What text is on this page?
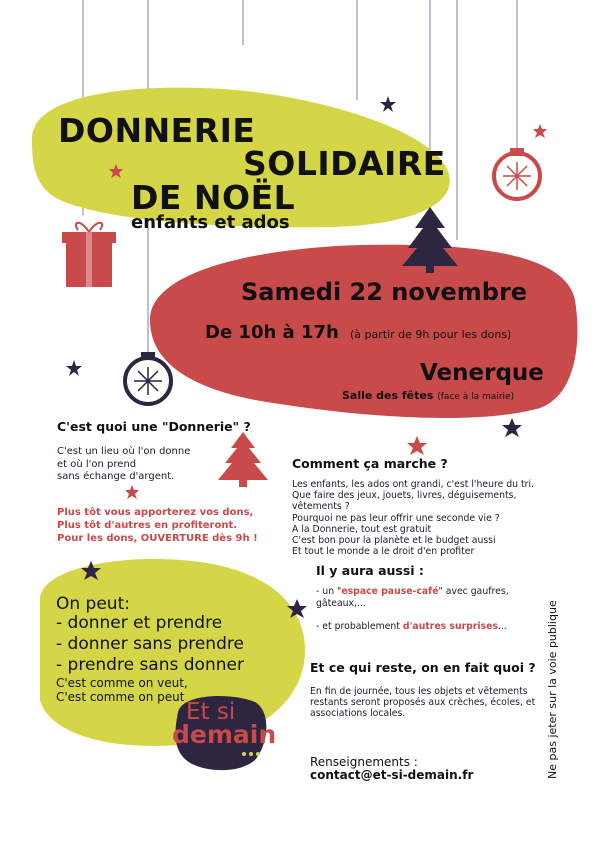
DONNERIE
SOLIDAIRE
DE NOËL
enfants et ados
Samedi 22 novembre
De 10h à 17h (à partir de 9h pour les dons)
Venerque
Salle des fêtes (face à la mairie)
C'est quoi une "Donnerie" ?
C'est un lieu où l'on donne
et où l'on prend
sans échange d'argent.
Plus tôt vous apporterez vos dons,
Plus tôt d'autres en profiteront.
Pour les dons, OUVERTURE dès 9h !
Comment ça marche ?
Les enfants, les ados ont grandi, c'est l'heure du tri.
Que faire des jeux, jouets, livres, déguisements,
vêtements ?
Pourquoi ne pas leur offrir une seconde vie ?
A la Donnerie, tout est gratuit
C'est bon pour la planète et le budget aussi
Et tout le monde a le droit d'en profiter
Il y aura aussi :
- un "espace pause-café" avec gaufres, gâteaux,...
- et probablement d'autres surprises...
Et ce qui reste, on en fait quoi ?
En fin de journée, tous les objets et vêtements restants seront proposés aux crèches, écoles, et associations locales.
On peut:
- donner et prendre
- donner sans prendre
- prendre sans donner
C'est comme on veut,
C'est comme on peut
Et si
demain
Renseignements :
contact@et-si-demain.fr	Ne pas jeter sur la voie publique
